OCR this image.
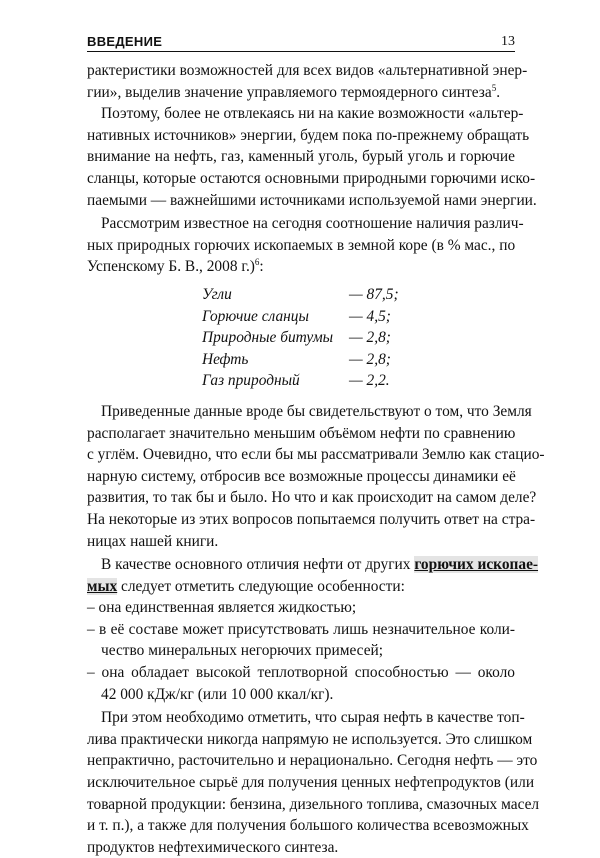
ВВЕДЕНИЕ	13
рактеристики возможностей для всех видов «альтернативной энер-
гии», выделив значение управляемого термоядерного синтеза$^5$.
Поэтому, более не отвлекаясь ни на какие возможности «альтер-
нативных источников» энергии, будем пока по-прежнему обращать
внимание на нефть, газ, каменный уголь, бурый уголь и горючие
сланцы, которые остаются основными природными горючими иско-
паемыми — важнейшими источниками используемой нами энергии.
Рассмотрим известное на сегодня соотношение наличия различ-
ных природных горючих ископаемых в земной коре (в % мас., по
Успенскому Б. В., 2008 г.)$^6$:
Угли	— 87,5;
Горючие сланцы	— 4,5;
Природные битумы — 2,8;
Нефть	— 2,8;
Газ природный	— 2,2.
Приведенные данные вроде бы свидетельствуют о том, что Земля
располагает значительно меньшим объёмом нефти по сравнению
с углём. Очевидно, что если бы мы рассматривали Землю как стацио-
нарную систему, отбросив все возможные процессы динамики её
развития, то так бы и было. Но что и как происходит на самом деле?
На некоторые из этих вопросов попытаемся получить ответ на стра-
ницах нашей книги.
В качестве основного отличия нефти от других горючих ископае-
мых следует отметить следующие особенности:
– она единственная является жидкостью;
– в её составе может присутствовать лишь незначительное коли-
чество минеральных негорючих примесей;
– она обладает высокой теплотворной способностью — около
42 000 кДж/кг (или 10 000 ккал/кг).
При этом необходимо отметить, что сырая нефть в качестве топ-
лива практически никогда напрямую не используется. Это слишком
непрактично, расточительно и нерационально. Сегодня нефть — это
исключительное сырьё для получения ценных нефтепродуктов (или
товарной продукции: бензина, дизельного топлива, смазочных масел
и т. п.), а также для получения большого количества всевозможных
продуктов нефтехимического синтеза.
